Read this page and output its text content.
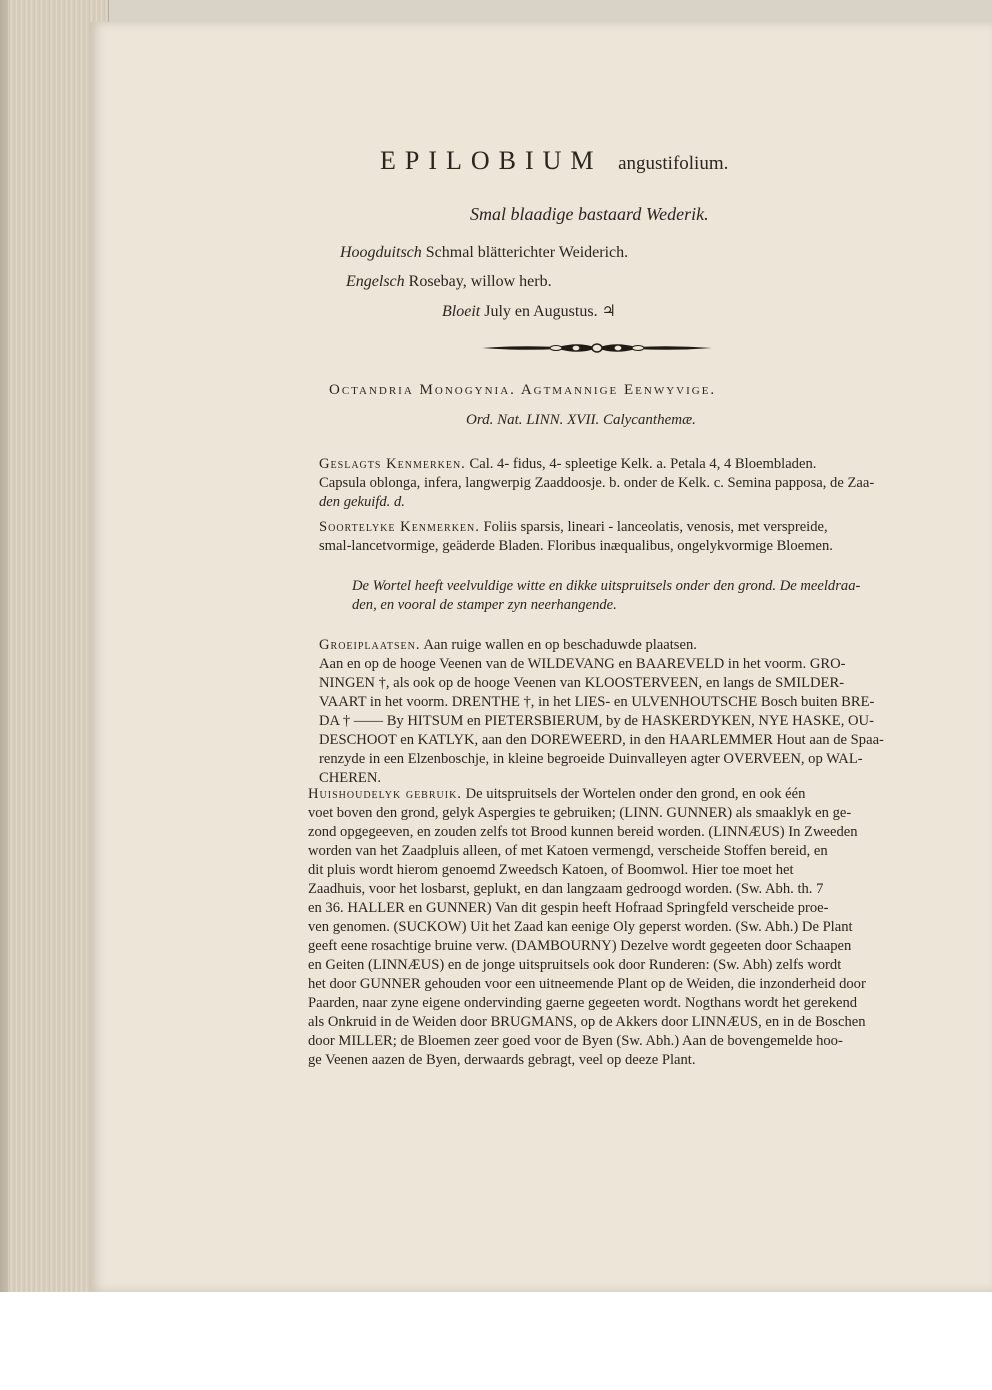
EPILOBIUM angustifolium.
Smal blaadige bastaard Wederik.
Hoogduitsch Schmal blätterichter Weiderich.
Engelsch Rosebay, willow herb.
Bloeit July en Augustus. ♃
Octandria Monogynia. Agtmannige Eenwyvige.
Ord. Nat. LINN. XVII. Calycanthemæ.
Geslagts Kenmerken. Cal. 4- fidus, 4- spleetige Kelk. a. Petala 4, 4 Bloembladen.
Capsula oblonga, infera, langwerpig Zaaddoosje. b. onder de Kelk. c. Semina papposa, de Zaa-
den gekuifd. d.
Soortelyke Kenmerken. Foliis sparsis, lineari - lanceolatis, venosis, met verspreide,
smal-lancetvormige, geäderde Bladen. Floribus inæqualibus, ongelykvormige Bloemen.
De Wortel heeft veelvuldige witte en dikke uitspruitsels onder den grond. De meeldraa-
den, en vooral de stamper zyn neerhangende.
Groeiplaatsen. Aan ruige wallen en op beschaduwde plaatsen.
Aan en op de hooge Veenen van de WILDEVANG en BAAREVELD in het voorm. GRO-
NINGEN †, als ook op de hooge Veenen van KLOOSTERVEEN, en langs de SMILDER-
VAART in het voorm. DRENTHE †, in het LIES- en ULVENHOUTSCHE Bosch buiten BRE-
DA † —— By HITSUM en PIETERSBIERUM, by de HASKERDYKEN, NYE HASKE, OU-
DESCHOOT en KATLYK, aan den DOREWEERD, in den HAARLEMMER Hout aan de Spaa-
renzyde in een Elzenboschje, in kleine begroeide Duinvalleyen agter OVERVEEN, op WAL-
CHEREN.
Huishoudelyk gebruik. De uitspruitsels der Wortelen onder den grond, en ook één
voet boven den grond, gelyk Aspergies te gebruiken; (LINN. GUNNER) als smaaklyk en ge-
zond opgegeeven, en zouden zelfs tot Brood kunnen bereid worden. (LINNÆUS) In Zweeden
worden van het Zaadpluis alleen, of met Katoen vermengd, verscheide Stoffen bereid, en
dit pluis wordt hierom genoemd Zweedsch Katoen, of Boomwol. Hier toe moet het
Zaadhuis, voor het losbarst, geplukt, en dan langzaam gedroogd worden. (Sw. Abh. th. 7
en 36. HALLER en GUNNER) Van dit gespin heeft Hofraad Springfeld verscheide proe-
ven genomen. (SUCKOW) Uit het Zaad kan eenige Oly geperst worden. (Sw. Abh.) De Plant
geeft eene rosachtige bruine verw. (DAMBOURNY) Dezelve wordt gegeeten door Schaapen
en Geiten (LINNÆUS) en de jonge uitspruitsels ook door Runderen: (Sw. Abh) zelfs wordt
het door GUNNER gehouden voor een uitneemende Plant op de Weiden, die inzonderheid door
Paarden, naar zyne eigene ondervinding gaerne gegeeten wordt. Nogthans wordt het gerekend
als Onkruid in de Weiden door BRUGMANS, op de Akkers door LINNÆUS, en in de Boschen
door MILLER; de Bloemen zeer goed voor de Byen (Sw. Abh.) Aan de bovengemelde hoo-
ge Veenen aazen de Byen, derwaards gebragt, veel op deeze Plant.
